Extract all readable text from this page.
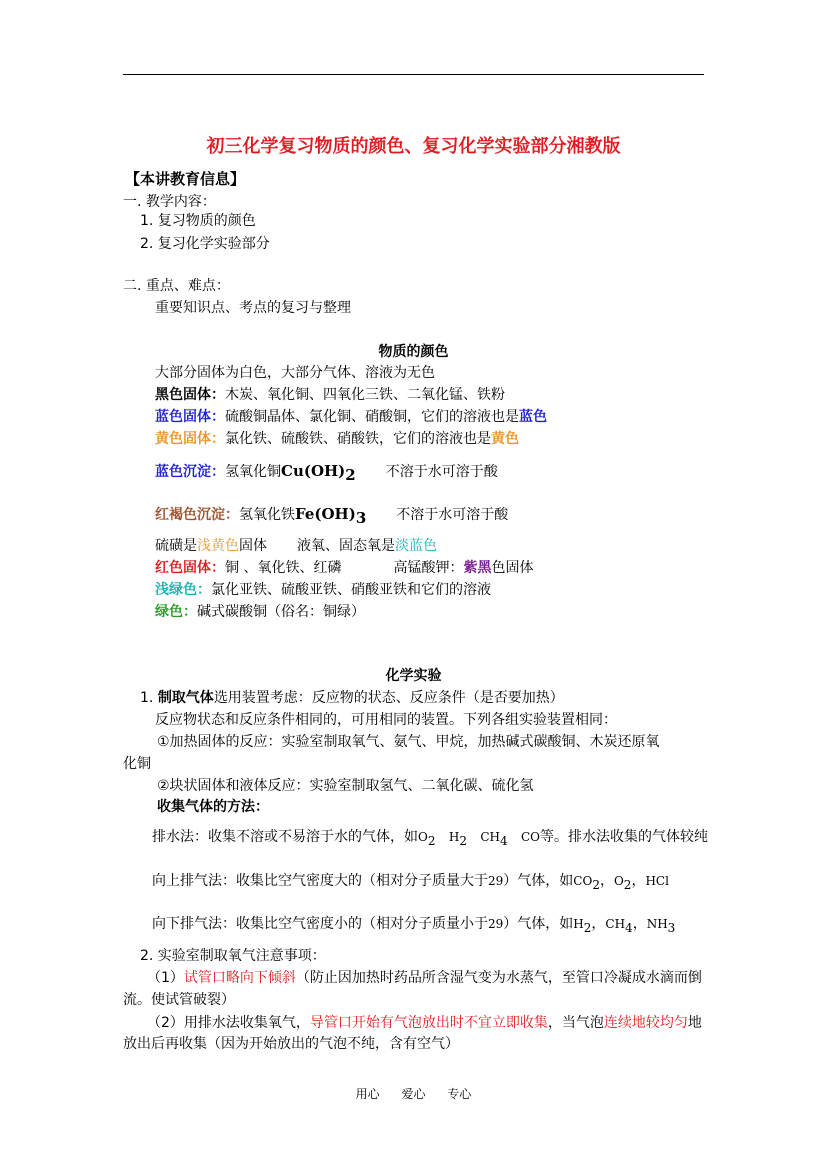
初三化学复习物质的颜色、复习化学实验部分湘教版
【本讲教育信息】
一. 教学内容：
1. 复习物质的颜色
2. 复习化学实验部分
二. 重点、难点：
重要知识点、考点的复习与整理
物质的颜色
大部分固体为白色，大部分气体、溶液为无色
黑色固体：木炭、氧化铜、四氧化三铁、二氧化锰、铁粉
蓝色固体：硫酸铜晶体、氯化铜、硝酸铜，它们的溶液也是蓝色
黄色固体：氯化铁、硫酸铁、硝酸铁，它们的溶液也是黄色
蓝色沉淀：氢氧化铜$Cu(OH)_2$ 不溶于水可溶于酸
红褐色沉淀：氢氧化铁$Fe(OH)_3$ 不溶于水可溶于酸
硫磺是浅黄色固体 液氧、固态氧是淡蓝色
红色固体：铜 、氧化铁、红磷	高锰酸钾：紫黑色固体
浅绿色：氯化亚铁、硫酸亚铁、硝酸亚铁和它们的溶液
绿色：碱式碳酸铜（俗名：铜绿）
化学实验
1. 制取气体选用装置考虑：反应物的状态、反应条件（是否要加热）
反应物状态和反应条件相同的，可用相同的装置。下列各组实验装置相同：
①加热固体的反应：实验室制取氧气、氨气、甲烷，加热碱式碳酸铜、木炭还原氧
化铜
②块状固体和液体反应：实验室制取氢气、二氧化碳、硫化氢
收集气体的方法：
排水法：收集不溶或不易溶于水的气体，如$O_2$ $H_2$ $CH_4$ CO等。排水法收集的气体较纯
向上排气法：收集比空气密度大的（相对分子质量大于29）气体，如$CO_2$，$O_2$，HCl
向下排气法：收集比空气密度小的（相对分子质量小于29）气体，如$H_2$，$CH_4$，$NH_3$
2. 实验室制取氧气注意事项：
（1）试管口略向下倾斜（防止因加热时药品所含湿气变为水蒸气，至管口冷凝成水滴而倒
流。使试管破裂）
（2）用排水法收集氧气，导管口开始有气泡放出时不宜立即收集，当气泡连续地较均匀地
放出后再收集（因为开始放出的气泡不纯，含有空气）
用心 爱心 专心
